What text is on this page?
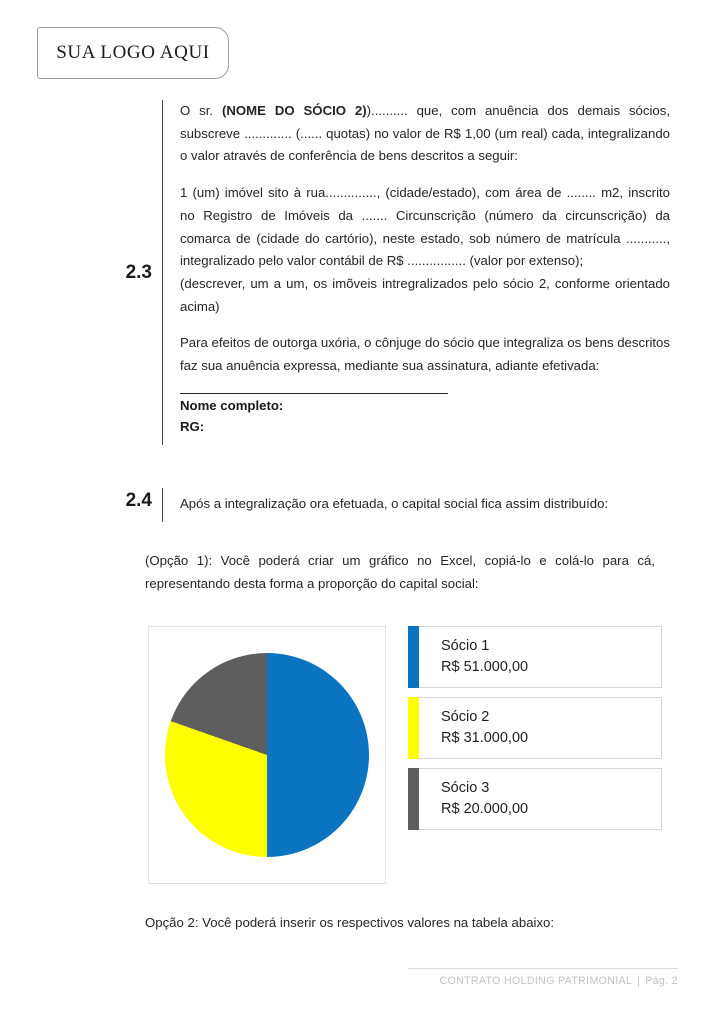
SUA LOGO AQUI
2.3

O sr. (NOME DO SÓCIO 2)).......... que, com anuência dos demais sócios, subscreve ............. (...... quotas) no valor de R$ 1,00 (um real) cada, integralizando o valor através de conferência de bens descritos a seguir:

1 (um) imóvel sito à rua.............., (cidade/estado), com área de ........ m2, inscrito no Registro de Imóveis da ....... Circunscrição (número da circunscrição) da comarca de (cidade do cartório), neste estado, sob número de matrícula ..........., integralizado pelo valor contábil de R$ ................ (valor por extenso);

(descrever, um a um, os imõveis intregralizados pelo sócio 2, conforme orientado acima)

Para efeitos de outorga uxória, o cônjuge do sócio que integraliza os bens descritos faz sua anuência expressa, mediante sua assinatura, adiante efetivada:

Nome completo:
RG:
2.4 Após a integralização ora efetuada, o capital social fica assim distribuído:

(Opção 1): Você poderá criar um gráfico no Excel, copiá-lo e colá-lo para cá, representando desta forma a proporção do capital social:
Sócio 1
R$ 51.000,00
Sócio 2
R$ 31.000,00
Sócio 3
R$ 20.000,00
Opção 2: Você poderá inserir os respectivos valores na tabela abaixo:
CONTRATO HOLDING PATRIMONIAL | Pág. 2
